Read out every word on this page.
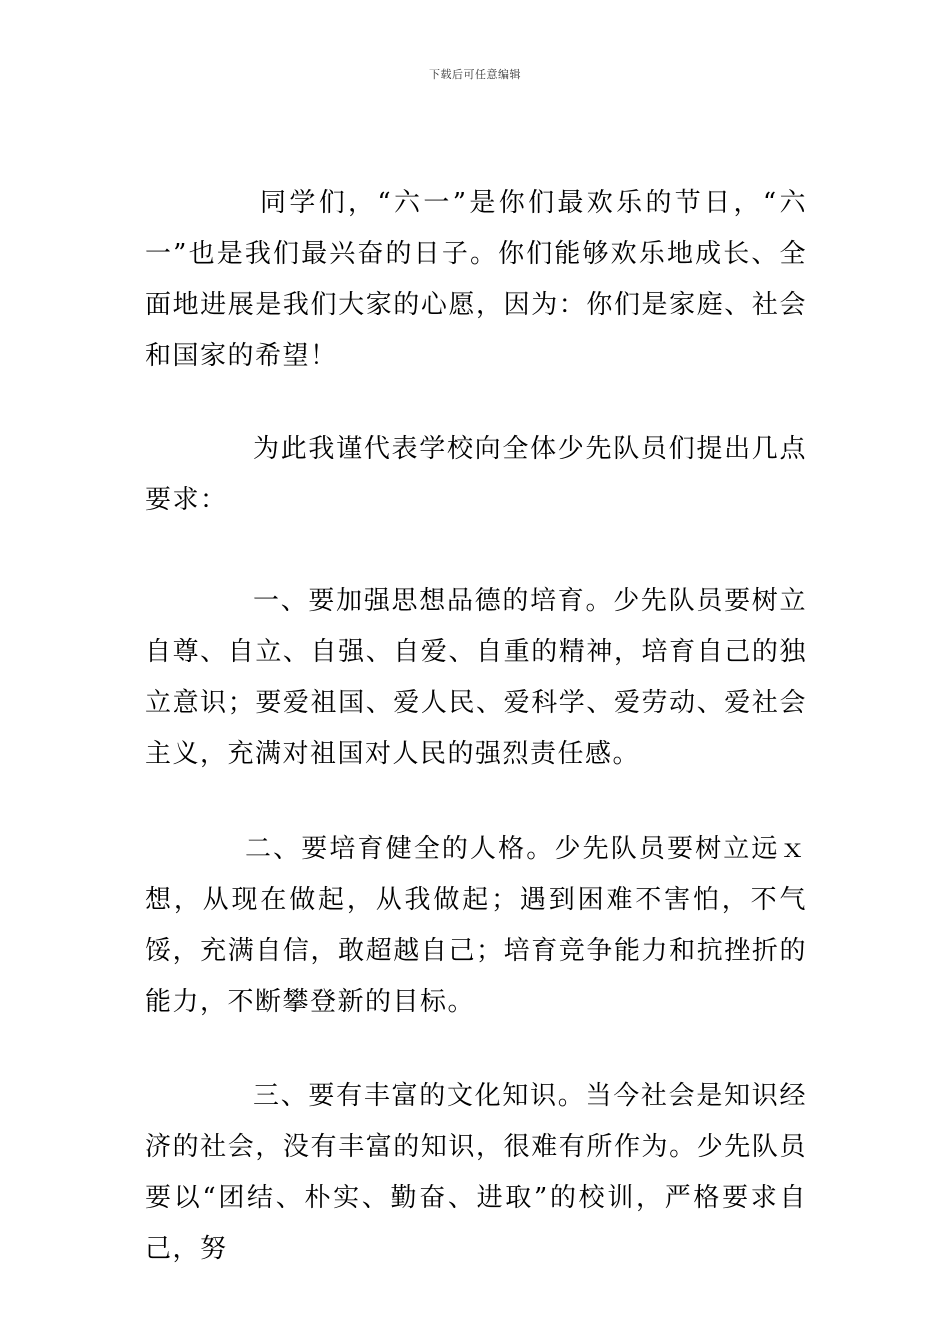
下载后可任意编辑

同学们，“六一”是你们最欢乐的节日，“六一”也是我们最兴奋的日子。你们能够欢乐地成长、全面地进展是我们大家的心愿，因为：你们是家庭、社会和国家的希望！

为此我谨代表学校向全体少先队员们提出几点要求：

一、要加强思想品德的培育。少先队员要树立自尊、自立、自强、自爱、自重的精神，培育自己的独立意识；要爱祖国、爱人民、爱科学、爱劳动、爱社会主义，充满对祖国对人民的强烈责任感。

二、要培育健全的人格。少先队员要树立远ｘ想，从现在做起，从我做起；遇到困难不害怕，不气馁，充满自信，敢超越自己；培育竞争能力和抗挫折的能力，不断攀登新的目标。

三、要有丰富的文化知识。当今社会是知识经济的社会，没有丰富的知识，很难有所作为。少先队员要以“团结、朴实、勤奋、进取”的校训，严格要求自己，努
